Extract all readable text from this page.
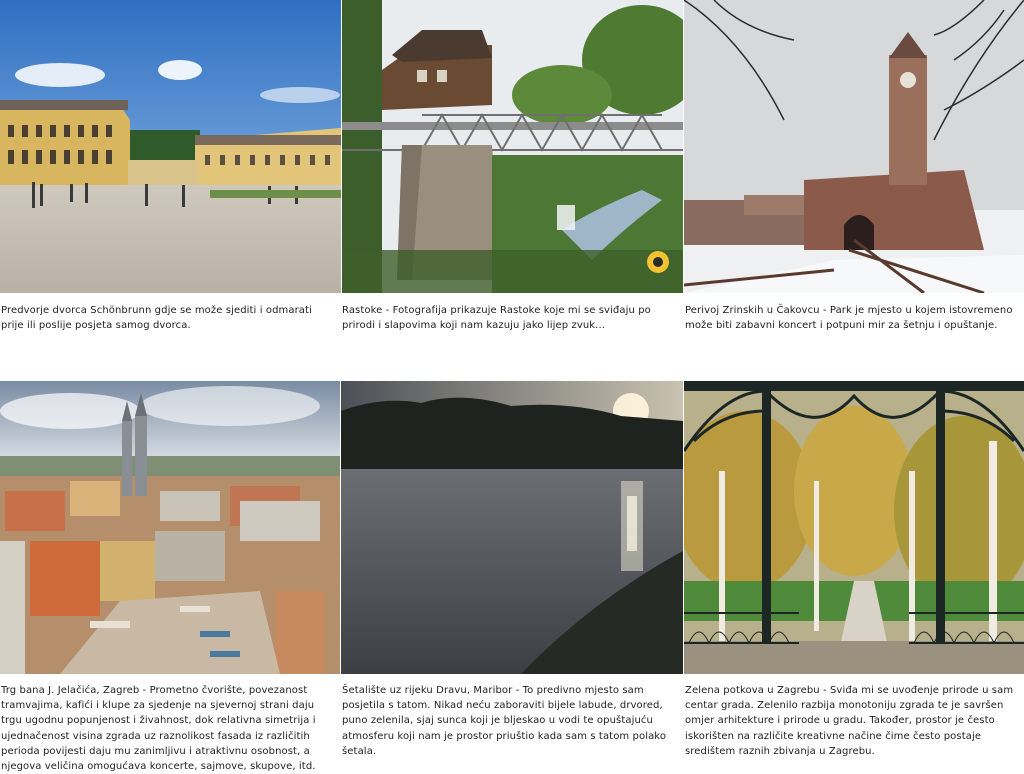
Predvorje dvorca Schönbrunn gdje se može sjediti i odmarati prije ili poslije posjeta samog dvorca.
Rastoke - Fotografija prikazuje Rastoke koje mi se sviđaju po prirodi i slapovima koji nam kazuju jako lijep zvuk...
Perivoj Zrinskih u Čakovcu - Park je mjesto u kojem istovremeno može biti zabavni koncert i potpuni mir za šetnju i opuštanje.
Trg bana J. Jelačića, Zagreb - Prometno čvorište, povezanost tramvajima, kafići i klupe za sjedenje na sjevernoj strani daju trgu ugodnu popunjenost i živahnost, dok relativna simetrija i ujednačenost visina zgrada uz raznolikost fasada iz različitih perioda povijesti daju mu zanimljivu i atraktivnu osobnost, a njegova veličina omogućava koncerte, sajmove, skupove, itd.
Šetalište uz rijeku Dravu, Maribor - To predivno mjesto sam posjetila s tatom. Nikad neću zaboraviti bijele labude, drvored, puno zelenila, sjaj sunca koji je bljeskao u vodi te opuštajuću atmosferu koji nam je prostor priuštio kada sam s tatom polako šetala.
Zelena potkova u Zagrebu - Sviđa mi se uvođenje prirode u sam centar grada. Zelenilo razbija monotoniju zgrada te je savršen omjer arhitekture i prirode u gradu. Također, prostor je često iskorišten na različite kreativne načine čime često postaje središtem raznih zbivanja u Zagrebu.
